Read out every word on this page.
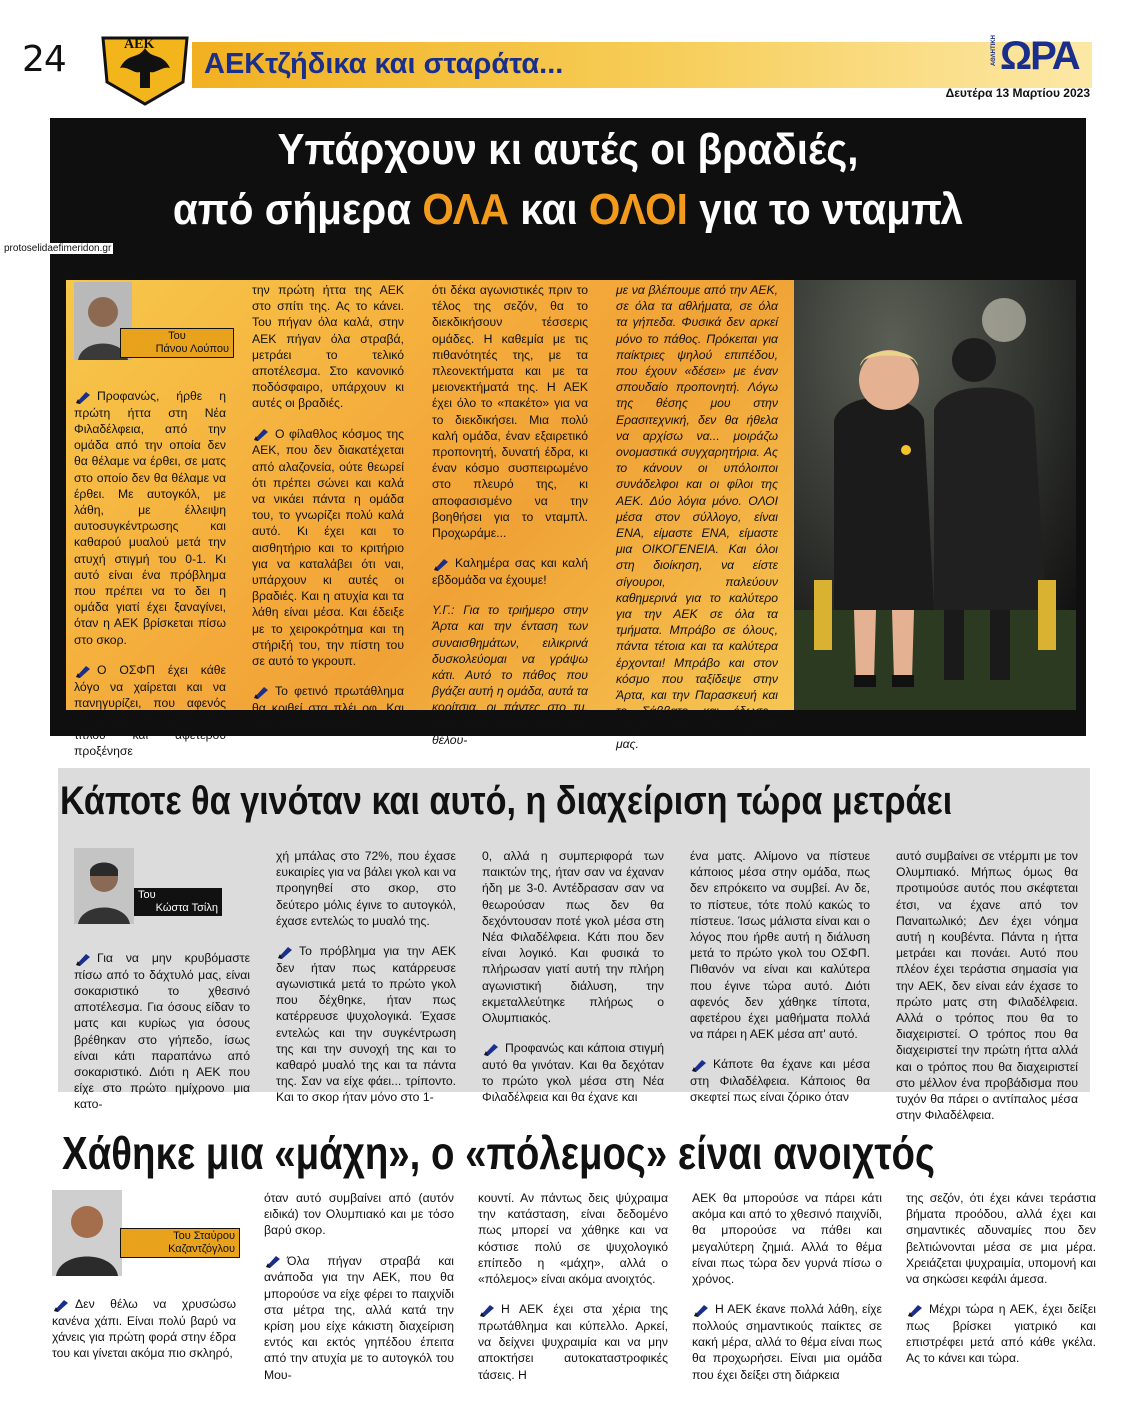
24	ΑΕΚ
ΑΕΚτζήδικα και σταράτα...	ΑΘΛΗΤΙΚΗ ΩΡΑ
Δευτέρα 13 Μαρτίου 2023
Υπάρχουν κι αυτές οι βραδιές,
από σήμερα ΟΛΑ και ΟΛΟΙ για το νταμπλ
protoselidaefimeridon.gr
Του
Πάνου Λούπου

Προφανώς, ήρθε η πρώτη ήττα στη Νέα Φιλαδέλφεια, από την ομάδα από την οποία δεν θα θέλαμε να έρθει, σε ματς στο οποίο δεν θα θέλαμε να έρθει. Με αυτογκόλ, με λάθη, με έλλειψη αυτοσυγκέντρωσης και καθαρού μυαλού μετά την ατυχή στιγμή του 0-1. Κι αυτό είναι ένα πρόβλημα που πρέπει να το δει η ομάδα γιατί έχει ξαναγίνει, όταν η ΑΕΚ βρίσκεται πίσω στο σκορ.

Ο ΟΣΦΠ έχει κάθε λόγο να χαίρεται και να πανηγυρίζει, που αφενός ξαναμπήκε στο κόλπο του τίτλου και αφετέρου προξένησε

την πρώτη ήττα της ΑΕΚ στο σπίτι της. Ας το κάνει. Του πήγαν όλα καλά, στην ΑΕΚ πήγαν όλα στραβά, μετράει το τελικό αποτέλεσμα. Στο κανονικό ποδόσφαιρο, υπάρχουν κι αυτές οι βραδιές.

Ο φίλαθλος κόσμος της ΑΕΚ, που δεν διακατέχεται από αλαζονεία, ούτε θεωρεί ότι πρέπει σώνει και καλά να νικάει πάντα η ομάδα του, το γνωρίζει πολύ καλά αυτό. Κι έχει και το αισθητήριο και το κριτήριο για να καταλάβει ότι ναι, υπάρχουν κι αυτές οι βραδιές. Και η ατυχία και τα λάθη είναι μέσα. Και έδειξε με το χειροκρότημα και τη στήριξή του, την πίστη του σε αυτό το γκρουπ.

Το φετινό πρωτάθλημα θα κριθεί στα πλέι οφ. Και χθες πιστοποιήθηκε

ότι δέκα αγωνιστικές πριν το τέλος της σεζόν, θα το διεκδικήσουν τέσσερις ομάδες. Η καθεμία με τις πιθανότητές της, με τα πλεονεκτήματα και με τα μειονεκτήματά της. Η ΑΕΚ έχει όλο το «πακέτο» για να το διεκδικήσει. Μια πολύ καλή ομάδα, έναν εξαιρετικό προπονητή, δυνατή έδρα, κι έναν κόσμο συσπειρωμένο στο πλευρό της, κι αποφασισμένο να την βοηθήσει για το νταμπλ. Προχωράμε...

Καλημέρα σας και καλή εβδομάδα να έχουμε!

Υ.Γ.: Για το τριήμερο στην Άρτα και την ένταση των συναισθημάτων, ειλικρινά δυσκολεύομαι να γράψω κάτι. Αυτό το πάθος που βγάζει αυτή η ομάδα, αυτά τα κορίτσια, οι πάντες στο τμ, είναι πολύ απλά αυτό που θέλου-

με να βλέπουμε από την ΑΕΚ, σε όλα τα αθλήματα, σε όλα τα γήπεδα. Φυσικά δεν αρκεί μόνο το πάθος. Πρόκειται για παίκτριες ψηλού επιπέδου, που έχουν «δέσει» με έναν σπουδαίο προπονητή. Λόγω της θέσης μου στην Ερασιτεχνική, δεν θα ήθελα να αρχίσω να... μοιράζω ονομαστικά συγχαρητήρια. Ας το κάνουν οι υπόλοιποι συνάδελφοι και οι φίλοι της ΑΕΚ. Δύο λόγια μόνο. ΟΛΟΙ μέσα στον σύλλογο, είναι ΕΝΑ, είμαστε ΕΝΑ, είμαστε μια ΟΙΚΟΓΕΝΕΙΑ. Και όλοι στη διοίκηση, να είστε σίγουροι, παλεύουν καθημερινά για το καλύτερο για την ΑΕΚ σε όλα τα τμήματα. Μπράβο σε όλους, πάντα τέτοια και τα καλύτερα έρχονται! Μπράβο και στον κόσμο που ταξίδεψε στην Άρτα, και την Παρασκευή και το Σάββατο και έδωσε... Original ώθηση στα κορίτσια μας.

Κάποτε θα γινόταν και αυτό, η διαχείριση τώρα μετράει
Του
Κώστα Τσίλη

Για να μην κρυβόμαστε πίσω από το δάχτυλό μας, είναι σοκαριστικό το χθεσινό αποτέλεσμα. Για όσους είδαν το ματς και κυρίως για όσους βρέθηκαν στο γήπεδο, ίσως είναι κάτι παραπάνω από σοκαριστικό. Διότι η ΑΕΚ που είχε στο πρώτο ημίχρονο μια κατο-

χή μπάλας στο 72%, που έχασε ευκαιρίες για να βάλει γκολ και να προηγηθεί στο σκορ, στο δεύτερο μόλις έγινε το αυτογκόλ, έχασε εντελώς το μυαλό της.

Το πρόβλημα για την ΑΕΚ δεν ήταν πως κατάρρευσε αγωνιστικά μετά το πρώτο γκολ που δέχθηκε, ήταν πως κατέρρευσε ψυχολογικά. Έχασε εντελώς και την συγκέντρωση της και την συνοχή της και το καθαρό μυαλό της και τα πάντα της. Σαν να είχε φάει... τρίποντο. Και το σκορ ήταν μόνο στο 1-

0, αλλά η συμπεριφορά των παικτών της, ήταν σαν να έχαναν ήδη με 3-0. Αντέδρασαν σαν να θεωρούσαν πως δεν θα δεχόντουσαν ποτέ γκολ μέσα στη Νέα Φιλαδέλφεια. Κάτι που δεν είναι λογικό. Και φυσικά το πλήρωσαν γιατί αυτή την πλήρη αγωνιστική διάλυση, την εκμεταλλεύτηκε πλήρως ο Ολυμπιακός.

Προφανώς και κάποια στιγμή αυτό θα γινόταν. Και θα δεχόταν το πρώτο γκολ μέσα στη Νέα Φιλαδέλφεια και θα έχανε και

ένα ματς. Αλίμονο να πίστευε κάποιος μέσα στην ομάδα, πως δεν επρόκειτο να συμβεί. Αν δε, το πίστευε, τότε πολύ κακώς το πίστευε. Ίσως μάλιστα είναι και ο λόγος που ήρθε αυτή η διάλυση μετά το πρώτο γκολ του ΟΣΦΠ. Πιθανόν να είναι και καλύτερα που έγινε τώρα αυτό. Διότι αφενός δεν χάθηκε τίποτα, αφετέρου έχει μαθήματα πολλά να πάρει η ΑΕΚ μέσα απ' αυτό.

Κάποτε θα έχανε και μέσα στη Φιλαδέλφεια. Κάποιος θα σκεφτεί πως είναι ζόρικο όταν

αυτό συμβαίνει σε ντέρμπι με τον Ολυμπιακό. Μήπως όμως θα προτιμούσε αυτός που σκέφτεται έτσι, να έχανε από τον Παναιτωλικό; Δεν έχει νόημα αυτή η κουβέντα. Πάντα η ήττα μετράει και πονάει. Αυτό που πλέον έχει τεράστια σημασία για την ΑΕΚ, δεν είναι εάν έχασε το πρώτο ματς στη Φιλαδέλφεια. Αλλά ο τρόπος που θα το διαχειριστεί. Ο τρόπος που θα διαχειριστεί την πρώτη ήττα αλλά και ο τρόπος που θα διαχειριστεί στο μέλλον ένα προβάδισμα που τυχόν θα πάρει ο αντίπαλος μέσα στην Φιλαδέλφεια.

Χάθηκε μια «μάχη», ο «πόλεμος» είναι ανοιχτός
Του Σταύρου
Καζαντζόγλου

Δεν θέλω να χρυσώσω κανένα χάπι. Είναι πολύ βαρύ να χάνεις για πρώτη φορά στην έδρα του και γίνεται ακόμα πιο σκληρό,

όταν αυτό συμβαίνει από (αυτόν ειδικά) τον Ολυμπιακό και με τόσο βαρύ σκορ.

Όλα πήγαν στραβά και ανάποδα για την ΑΕΚ, που θα μπορούσε να είχε φέρει το παιχνίδι στα μέτρα της, αλλά κατά την κρίση μου είχε κάκιστη διαχείριση εντός και εκτός γηπέδου έπειτα από την ατυχία με το αυτογκόλ του Μου-

κουντί. Αν πάντως δεις ψύχραιμα την κατάσταση, είναι δεδομένο πως μπορεί να χάθηκε και να κόστισε πολύ σε ψυχολογικό επίπεδο η «μάχη», αλλά ο «πόλεμος» είναι ακόμα ανοιχτός.

Η ΑΕΚ έχει στα χέρια της πρωτάθλημα και κύπελλο. Αρκεί, να δείχνει ψυχραιμία και να μην αποκτήσει αυτοκαταστροφικές τάσεις. Η

ΑΕΚ θα μπορούσε να πάρει κάτι ακόμα και από το χθεσινό παιχνίδι, θα μπορούσε να πάθει και μεγαλύτερη ζημιά. Αλλά το θέμα είναι πως τώρα δεν γυρνά πίσω ο χρόνος.

Η ΑΕΚ έκανε πολλά λάθη, είχε πολλούς σημαντικούς παίκτες σε κακή μέρα, αλλά το θέμα είναι πως θα προχωρήσει. Είναι μια ομάδα που έχει δείξει στη διάρκεια

της σεζόν, ότι έχει κάνει τεράστια βήματα προόδου, αλλά έχει και σημαντικές αδυναμίες που δεν βελτιώνονται μέσα σε μια μέρα. Χρειάζεται ψυχραιμία, υπομονή και να σηκώσει κεφάλι άμεσα.

Μέχρι τώρα η ΑΕΚ, έχει δείξει πως βρίσκει γιατρικό και επιστρέφει μετά από κάθε γκέλα. Ας το κάνει και τώρα.
